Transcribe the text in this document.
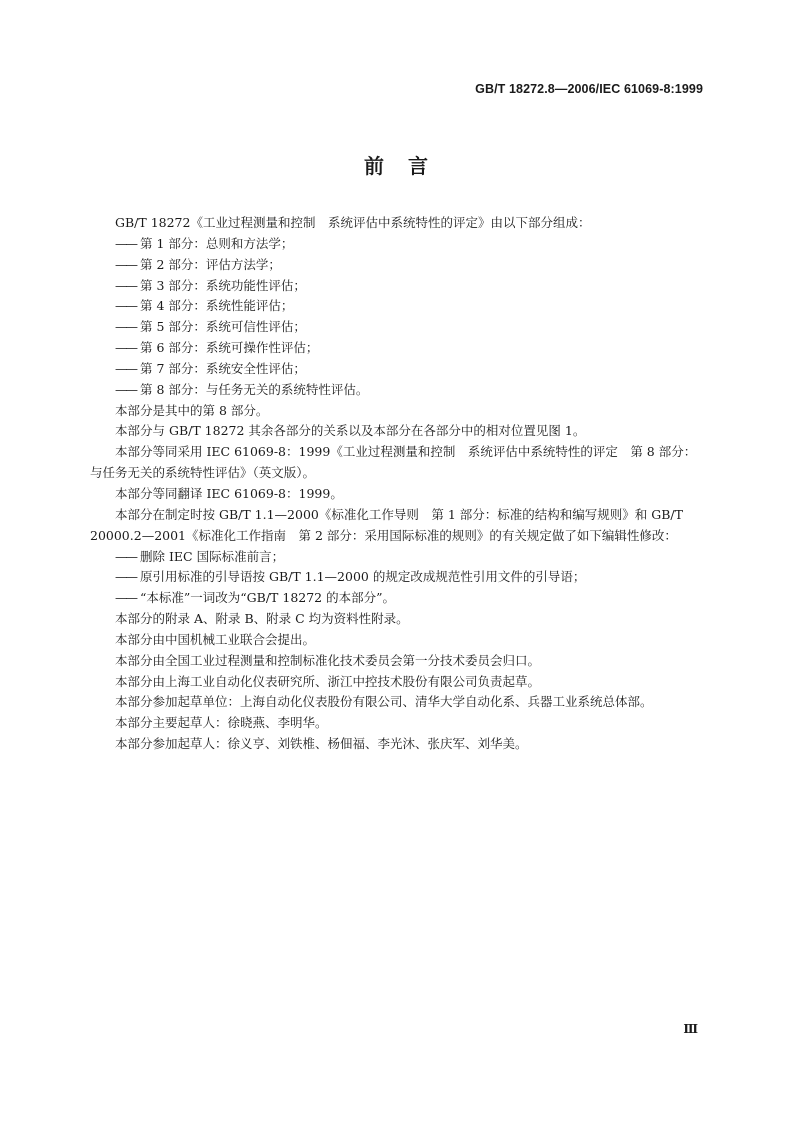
GB/T 18272.8—2006/IEC 61069-8:1999
前　言

GB/T 18272《工业过程测量和控制　系统评估中系统特性的评定》由以下部分组成：

—— 第 1 部分：总则和方法学；

—— 第 2 部分：评估方法学；

—— 第 3 部分：系统功能性评估；

—— 第 4 部分：系统性能评估；

—— 第 5 部分：系统可信性评估；

—— 第 6 部分：系统可操作性评估；

—— 第 7 部分：系统安全性评估；

—— 第 8 部分：与任务无关的系统特性评估。

本部分是其中的第 8 部分。

本部分与 GB/T 18272 其余各部分的关系以及本部分在各部分中的相对位置见图 1。

本部分等同采用 IEC 61069-8：1999《工业过程测量和控制　系统评估中系统特性的评定　第 8 部分：与任务无关的系统特性评估》（英文版）。

本部分等同翻译 IEC 61069-8：1999。

本部分在制定时按 GB/T 1.1—2000《标准化工作导则　第 1 部分：标准的结构和编写规则》和 GB/T 20000.2—2001《标准化工作指南　第 2 部分：采用国际标准的规则》的有关规定做了如下编辑性修改：

—— 删除 IEC 国际标准前言；

—— 原引用标准的引导语按 GB/T 1.1—2000 的规定改成规范性引用文件的引导语；

—— “本标准”一词改为“GB/T 18272 的本部分”。

本部分的附录 A、附录 B、附录 C 均为资料性附录。

本部分由中国机械工业联合会提出。

本部分由全国工业过程测量和控制标准化技术委员会第一分技术委员会归口。

本部分由上海工业自动化仪表研究所、浙江中控技术股份有限公司负责起草。

本部分参加起草单位：上海自动化仪表股份有限公司、清华大学自动化系、兵器工业系统总体部。

本部分主要起草人：徐晓燕、李明华。

本部分参加起草人：徐义亨、刘铁椎、杨佃福、李光沐、张庆军、刘华美。

Ⅲ
